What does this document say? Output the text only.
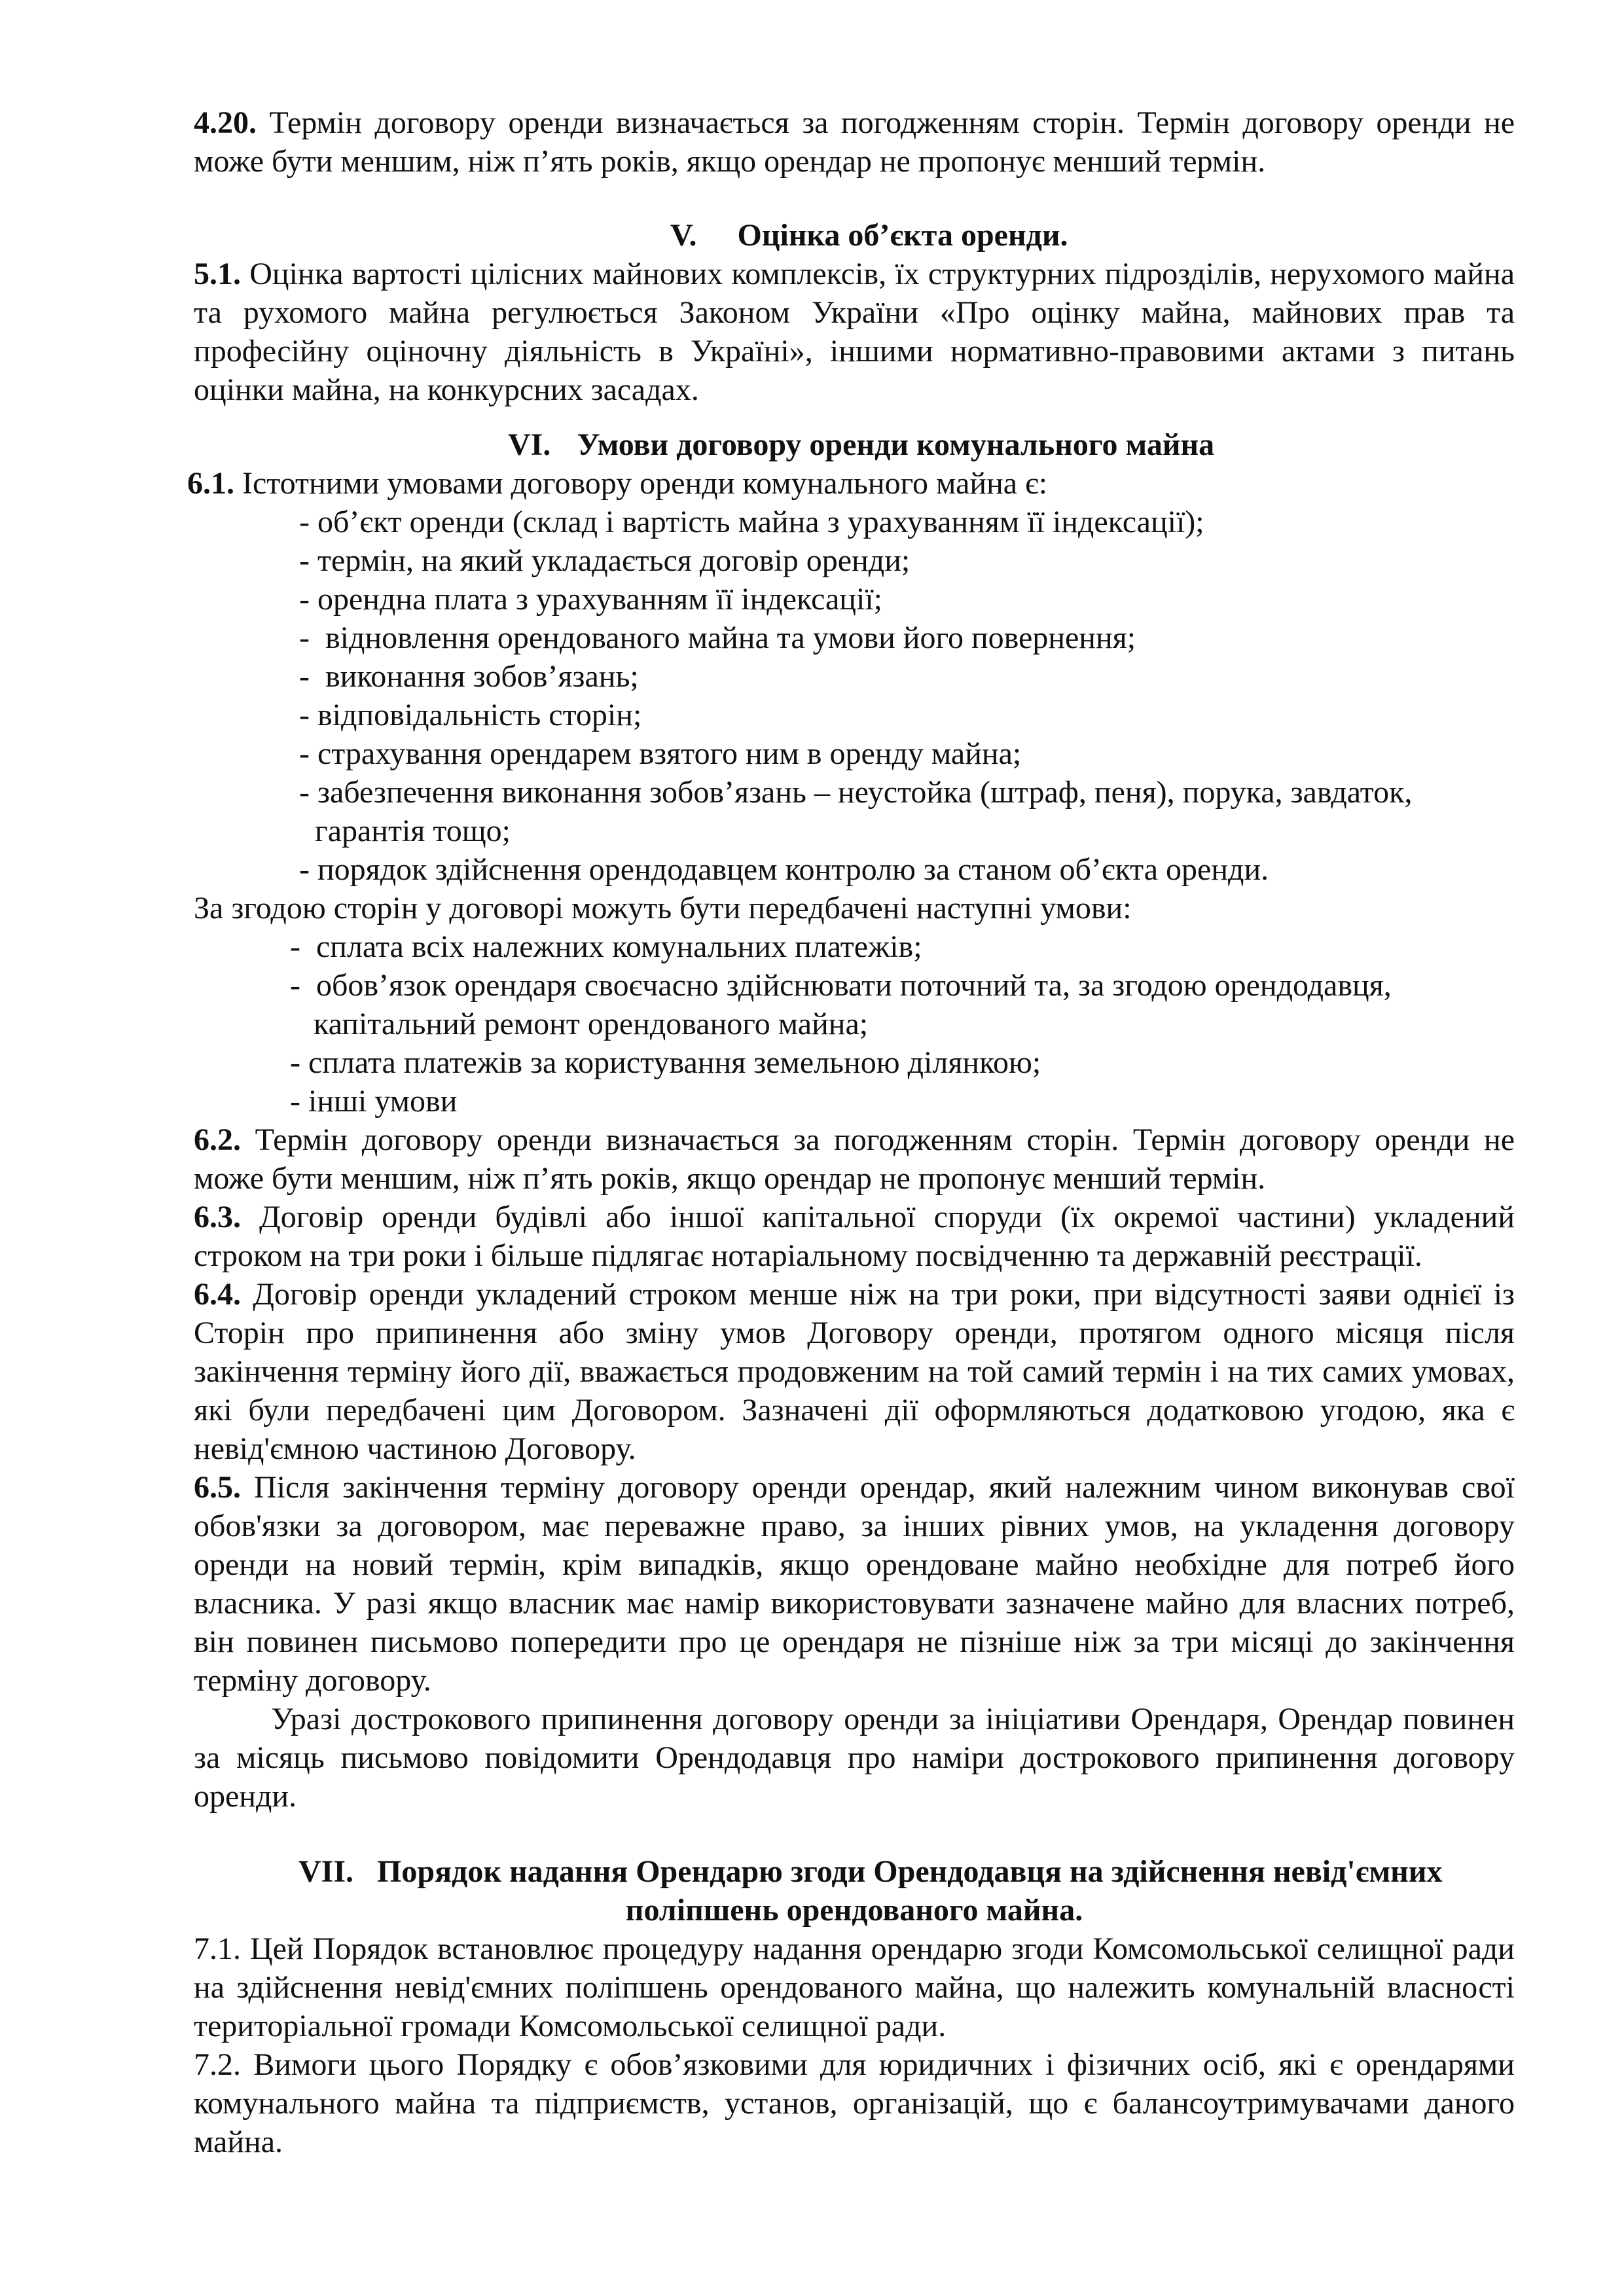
4.20. Термін договору оренди визначається за погодженням сторін. Термін договору оренди не може бути меншим, ніж п’ять років, якщо орендар не пропонує менший термін.

V. Оцінка об’єкта оренди.

5.1. Оцінка вартості цілісних майнових комплексів, їх структурних підрозділів, нерухомого майна та рухомого майна регулюється Законом України «Про оцінку майна, майнових прав та професійну оціночну діяльність в Україні», іншими нормативно-правовими актами з питань оцінки майна, на конкурсних засадах.

VI. Умови договору оренди комунального майна

6.1. Істотними умовами договору оренди комунального майна є:

- об’єкт оренди (склад і вартість майна з урахуванням її індексації);

- термін, на який укладається договір оренди;

- орендна плата з урахуванням її індексації;

-  відновлення орендованого майна та умови його повернення;

-  виконання зобов’язань;

- відповідальність сторін;

- страхування орендарем взятого ним в оренду майна;

- забезпечення виконання зобов’язань – неустойка (штраф, пеня), порука, завдаток,

гарантія тощо;

- порядок здійснення орендодавцем контролю за станом об’єкта оренди.

За згодою сторін у договорі можуть бути передбачені наступні умови:

-  сплата всіх належних комунальних платежів;

-  обов’язок орендаря своєчасно здійснювати поточний та, за згодою орендодавця,

капітальний ремонт орендованого майна;

- сплата платежів за користування земельною ділянкою;

- інші умови

6.2. Термін договору оренди визначається за погодженням сторін. Термін договору оренди не може бути меншим, ніж п’ять років, якщо орендар не пропонує менший термін.

6.3. Договір оренди будівлі або іншої капітальної споруди (їх окремої частини) укладений

строком на три роки і більше підлягає нотаріальному посвідченню та державній реєстрації.

6.4. Договір оренди укладений строком менше ніж на три роки, при відсутності заяви однієї із Сторін про припинення або зміну умов Договору оренди, протягом одного місяця після закінчення терміну його дії, вважається продовженим на той самий термін і на тих самих умовах, які були передбачені цим Договором. Зазначені дії оформляються додатковою угодою, яка є невід'ємною частиною Договору.

6.5. Після закінчення терміну договору оренди орендар, який належним чином виконував свої обов'язки за договором, має переважне право, за інших рівних умов, на укладення договору оренди на новий термін, крім випадків, якщо орендоване майно необхідне для потреб його власника. У разі якщо власник має намір використовувати зазначене майно для власних потреб, він повинен письмово попередити про це орендаря не пізніше ніж за три місяці до закінчення терміну договору.

Уразі дострокового припинення договору оренди за ініціативи Орендаря, Орендар повинен за місяць письмово повідомити Орендодавця про наміри дострокового припинення договору оренди.

VII. Порядок надання Орендарю згоди Орендодавця на здійснення невід'ємних

поліпшень орендованого майна.

7.1. Цей Порядок встановлює процедуру надання орендарю згоди Комсомольської селищної ради на здійснення невід'ємних поліпшень орендованого майна, що належить комунальній власності територіальної громади Комсомольської селищної ради.

7.2. Вимоги цього Порядку є обов’язковими для юридичних і фізичних осіб, які є орендарями комунального майна та підприємств, установ, організацій, що є балансоутримувачами даного майна.
